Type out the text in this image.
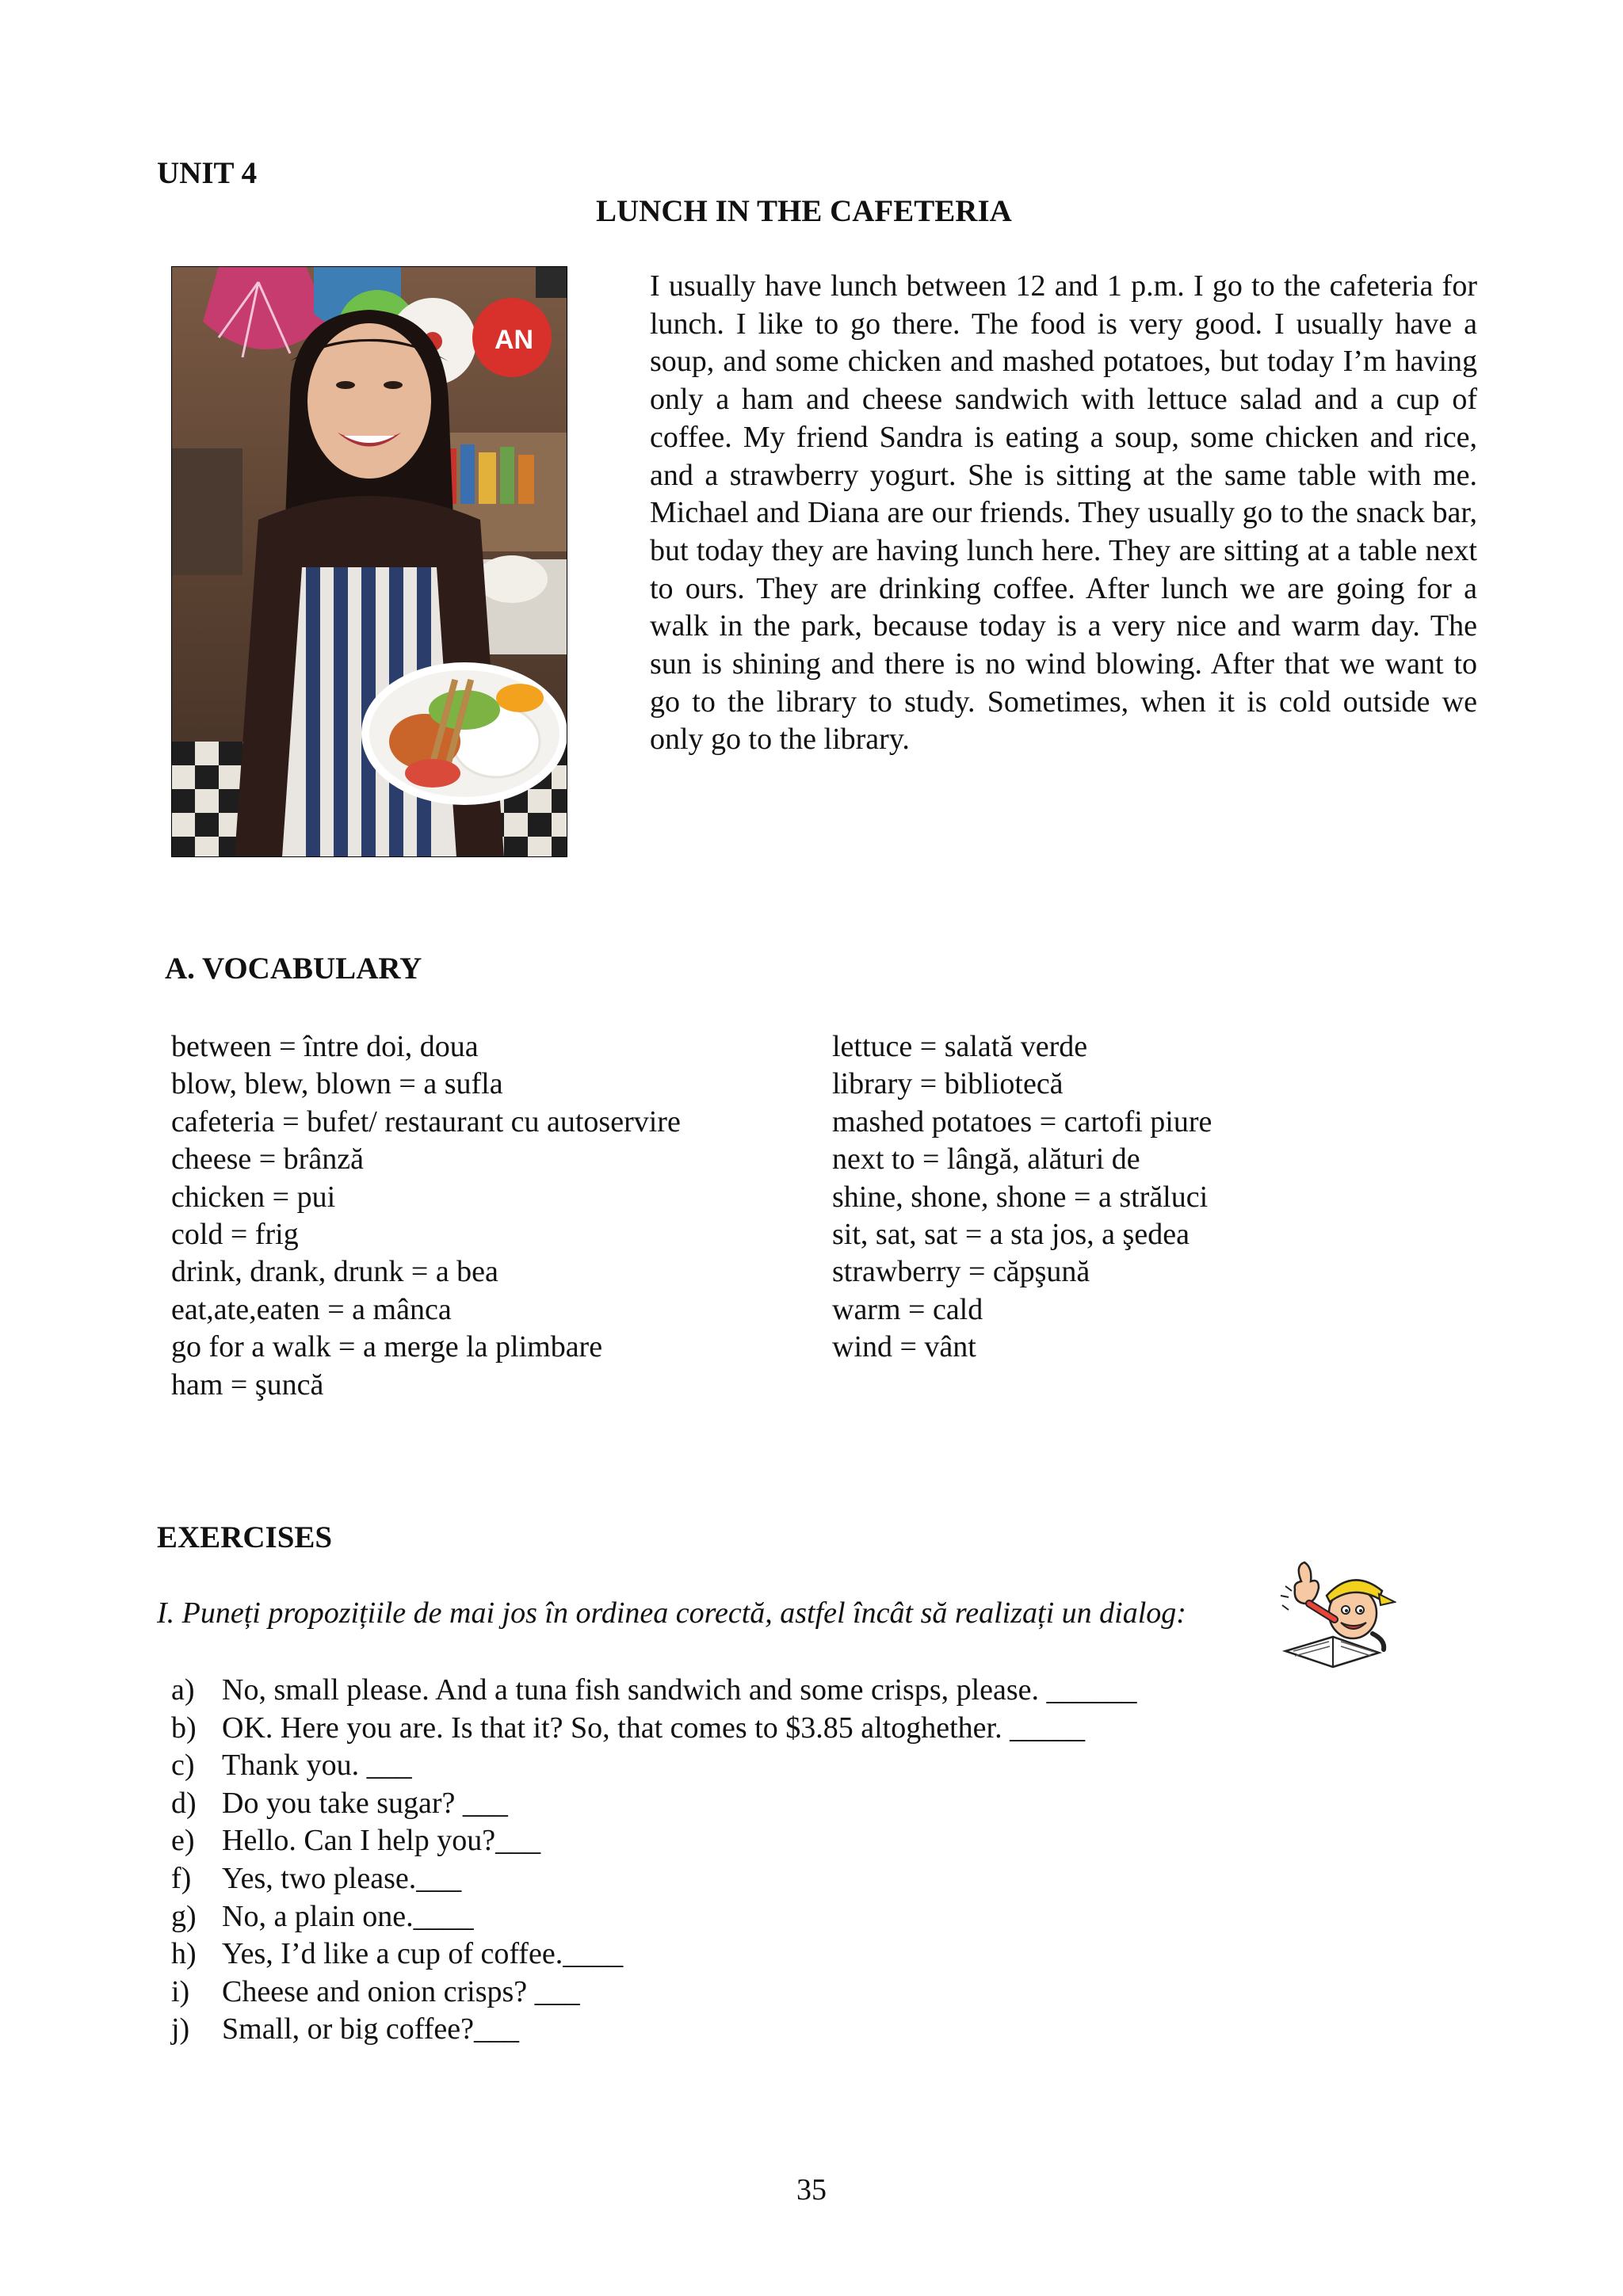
UNIT 4
LUNCH IN THE CAFETERIA
AN

I usually have lunch between 12 and 1 p.m. I go to the cafeteria for lunch. I like to go there. The food is very good. I usually have a soup, and some chicken and mashed potatoes, but today I’m having only a ham and cheese sandwich with lettuce salad and a cup of coffee. My friend Sandra is eating a soup, some chicken and rice, and a strawberry yogurt. She is sitting at the same table with me. Michael and Diana are our friends. They usually go to the snack bar, but today they are having lunch here. They are sitting at a table next to ours. They are drinking coffee. After lunch we are going for a walk in the park, because today is a very nice and warm day. The sun is shining and there is no wind blowing. After that we want to go to the library to study. Sometimes, when it is cold outside we only go to the library.

A. VOCABULARY
between = între doi, doua
blow, blew, blown = a sufla
cafeteria = bufet/ restaurant cu autoservire
cheese = brânză
chicken = pui
cold = frig
drink, drank, drunk = a bea
eat,ate,eaten = a mânca
go for a walk = a merge la plimbare
ham = şuncă
lettuce = salată verde
library = bibliotecă
mashed potatoes = cartofi piure
next to = lângă, alături de
shine, shone, shone = a străluci
sit, sat, sat = a sta jos, a şedea
strawberry = căpşună
warm = cald
wind = vânt
EXERCISES
I. Puneți propozițiile de mai jos în ordinea corectă, astfel încât să realizați un dialog:
a) No, small please. And a tuna fish sandwich and some crisps, please. ______
b) OK. Here you are. Is that it? So, that comes to $3.85 altoghether. _____
c) Thank you. ___
d) Do you take sugar? ___
e) Hello. Can I help you?___
f) Yes, two please.___
g) No, a plain one.____
h) Yes, I’d like a cup of coffee.____
i) Cheese and onion crisps? ___
j) Small, or big coffee?___
35
